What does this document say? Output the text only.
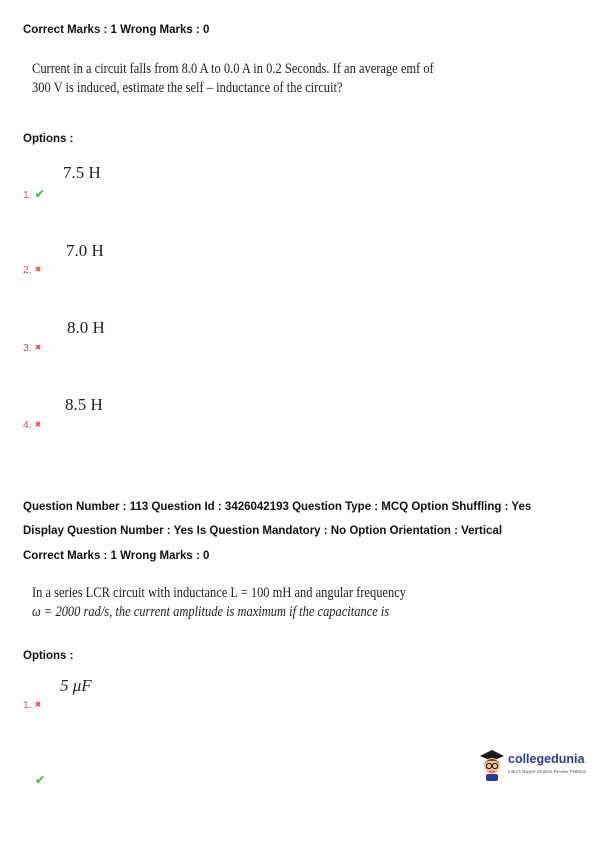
Correct Marks : 1 Wrong Marks : 0
Current in a circuit falls from 8.0 A to 0.0 A in 0.2 Seconds. If an average emf of
300 V is induced, estimate the self – inductance of the circuit?
Options :
7.5 H
1. ✔
7.0 H
2. ✖
8.0 H
3. ✖
8.5 H
4. ✖
Question Number : 113 Question Id : 3426042193 Question Type : MCQ Option Shuffling : Yes
Display Question Number : Yes Is Question Mandatory : No Option Orientation : Vertical
Correct Marks : 1 Wrong Marks : 0
In a series LCR circuit with inductance L = 100 mH and angular frequency
ω = 2000 rad/s, the current amplitude is maximum if the capacitance is
Options :
5 μF
1. ✖
✔
collegedunia
India's largest Student Review Platform
